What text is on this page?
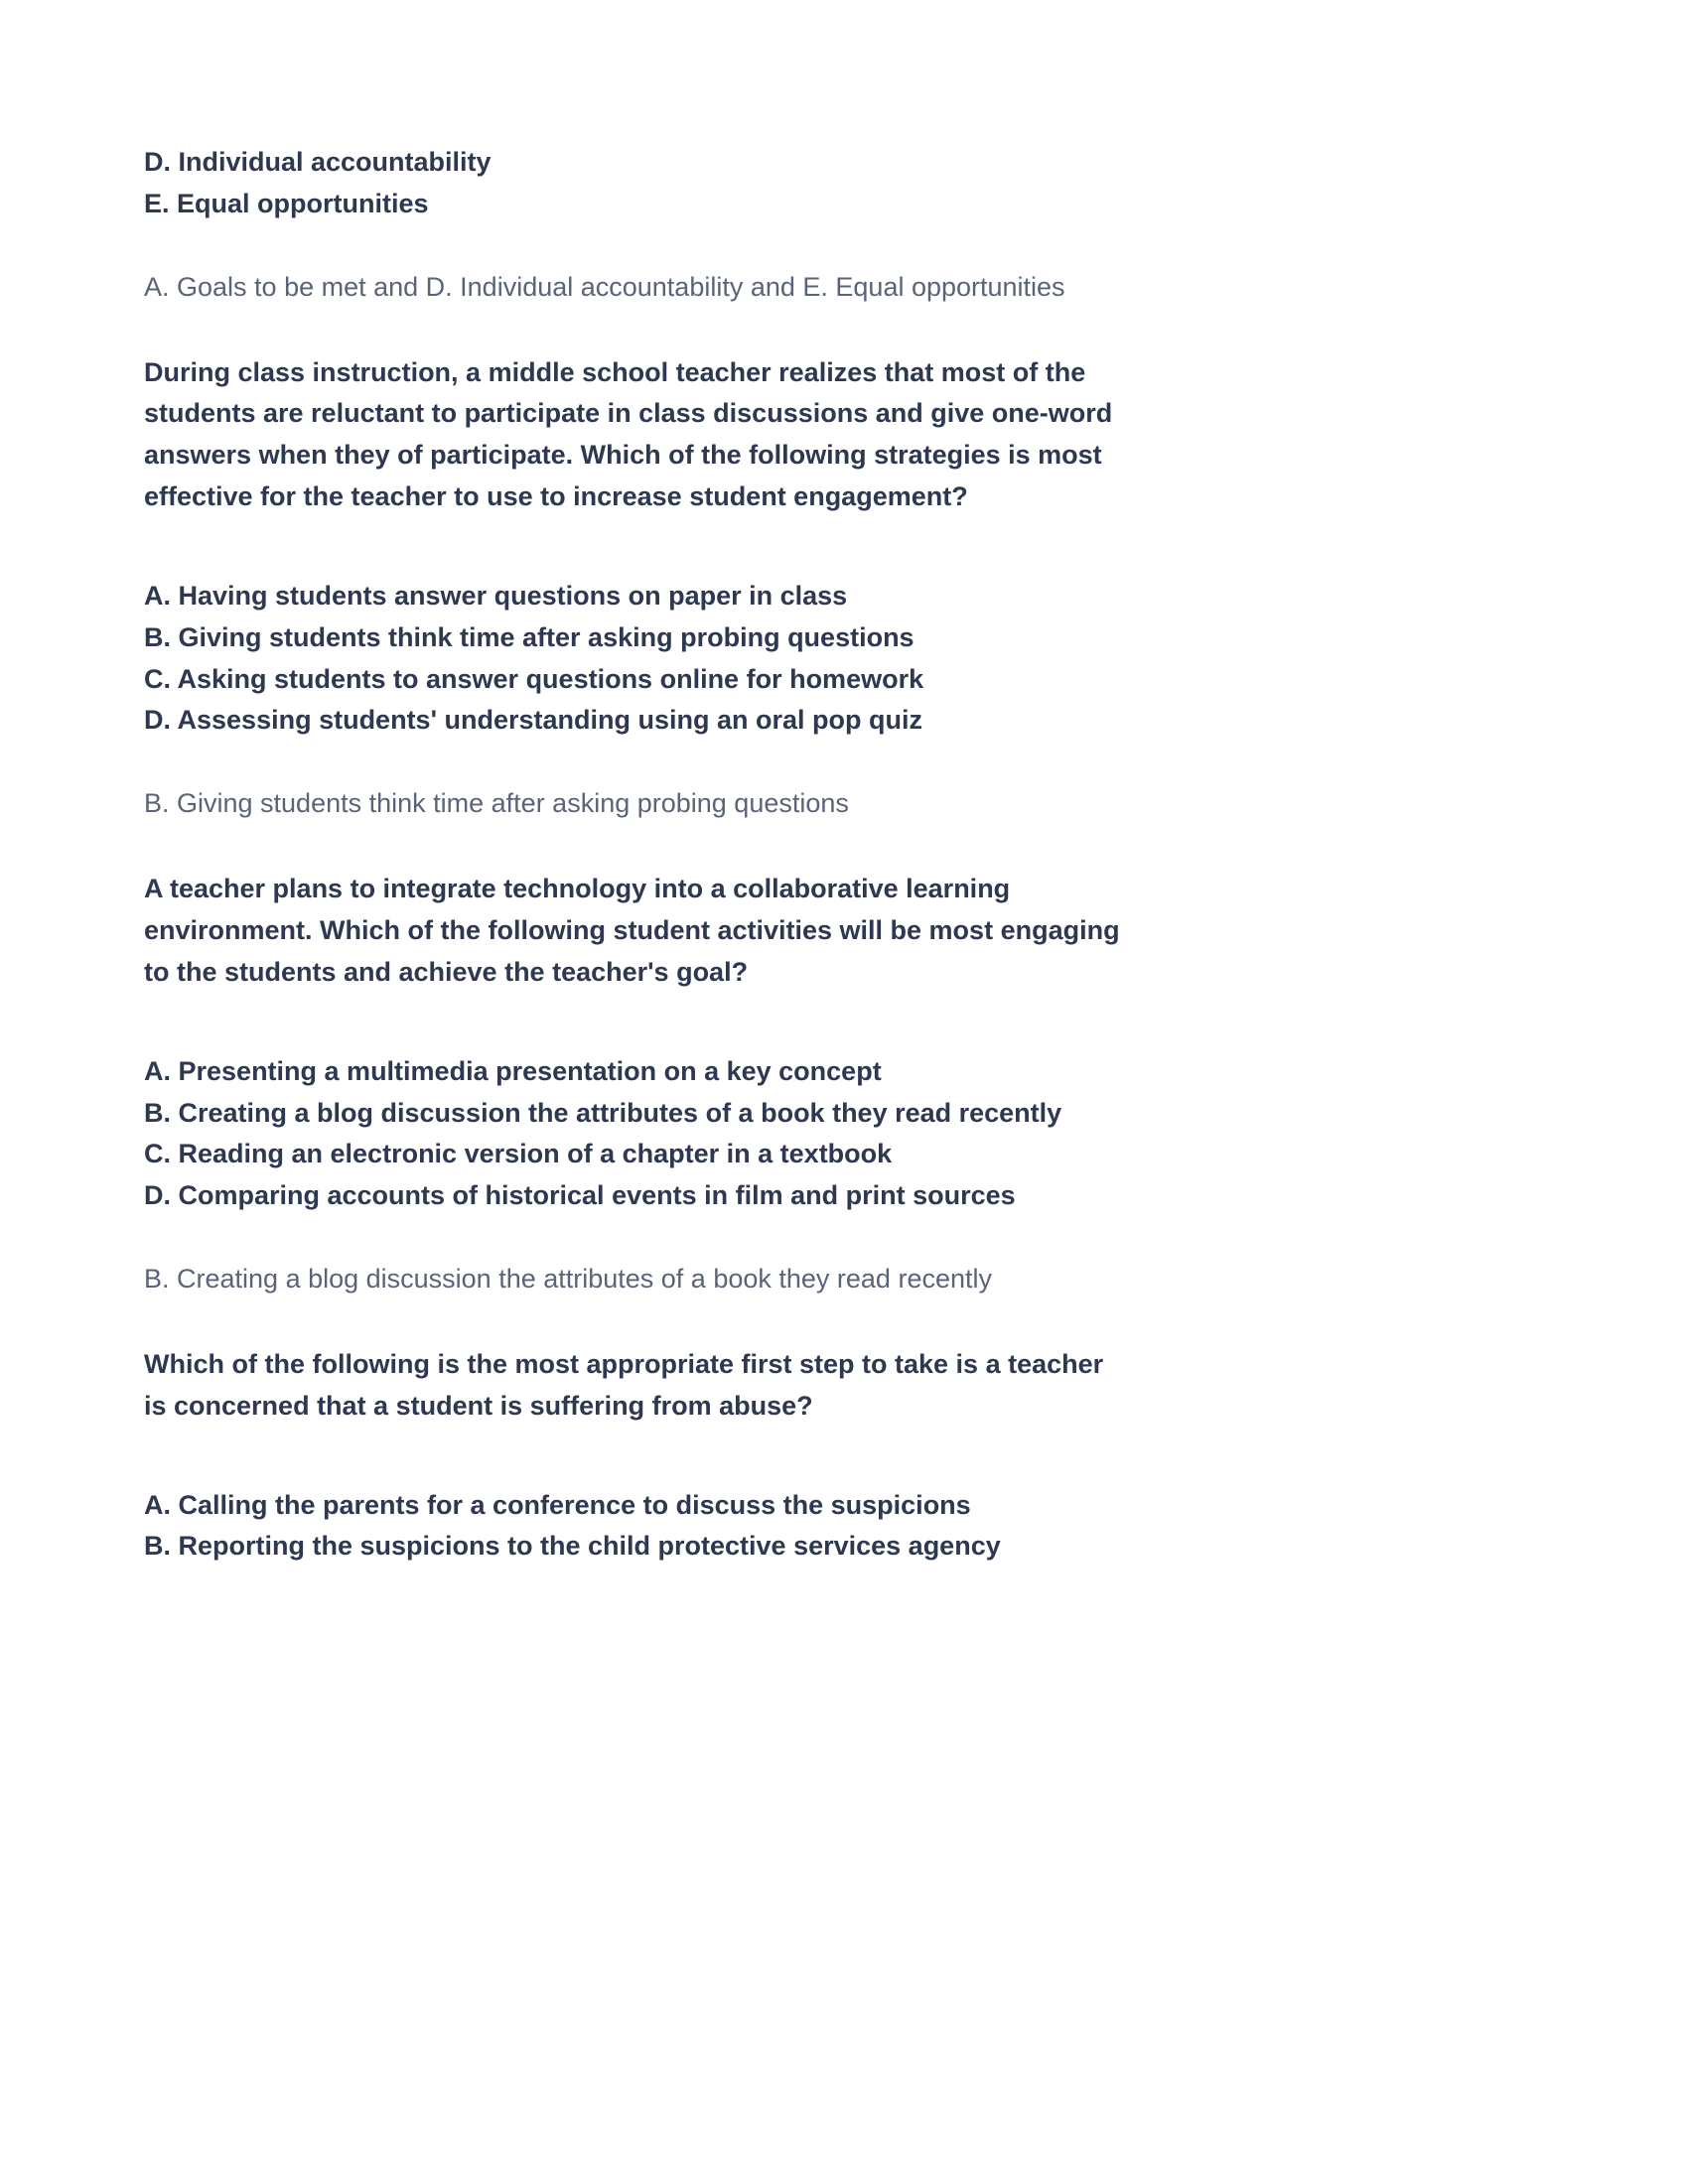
D. Individual accountability
E. Equal opportunities
A. Goals to be met and D. Individual accountability and E. Equal opportunities
During class instruction, a middle school teacher realizes that most of the students are reluctant to participate in class discussions and give one-word answers when they of participate. Which of the following strategies is most effective for the teacher to use to increase student engagement?
A. Having students answer questions on paper in class
B. Giving students think time after asking probing questions
C. Asking students to answer questions online for homework
D. Assessing students' understanding using an oral pop quiz
B. Giving students think time after asking probing questions
A teacher plans to integrate technology into a collaborative learning environment. Which of the following student activities will be most engaging to the students and achieve the teacher's goal?
A. Presenting a multimedia presentation on a key concept
B. Creating a blog discussion the attributes of a book they read recently
C. Reading an electronic version of a chapter in a textbook
D. Comparing accounts of historical events in film and print sources
B. Creating a blog discussion the attributes of a book they read recently
Which of the following is the most appropriate first step to take is a teacher is concerned that a student is suffering from abuse?
A. Calling the parents for a conference to discuss the suspicions
B. Reporting the suspicions to the child protective services agency
